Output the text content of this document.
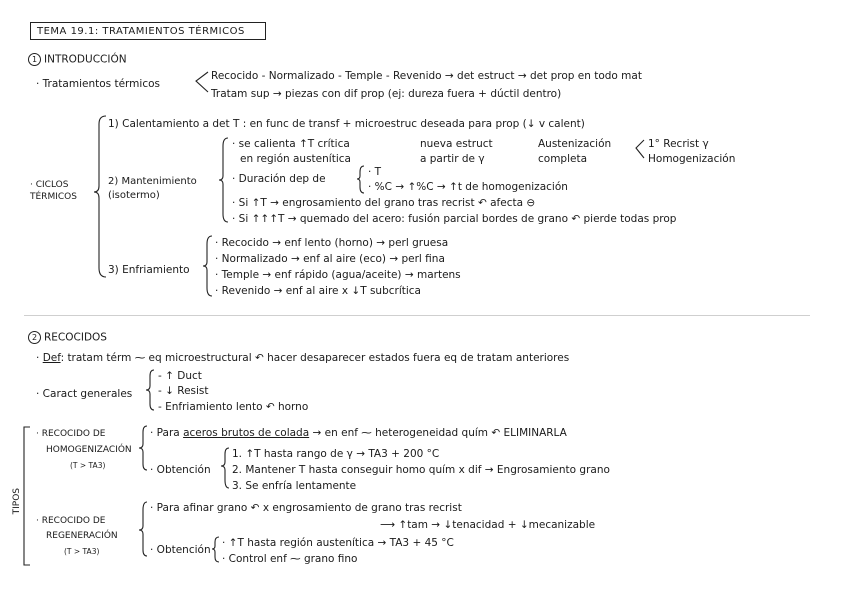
TEMA 19.1: TRATAMIENTOS TÉRMICOS
1 INTRODUCCIÓN
· Tratamientos térmicos
Recocido - Normalizado - Temple - Revenido → det estruct → det prop en todo mat
Tratam sup → piezas con dif prop (ej: dureza fuera + dúctil dentro)
· CICLOS
TÉRMICOS
1) Calentamiento a det T : en func de transf + microestruc deseada para prop (↓ v calent)
2) Mantenimiento (isotermo)
· se calienta ↑T crítica
en región austenítica
nueva estruct
a partir de γ
Austenización
completa
1° Recrist γ
Homogenización
· Duración dep de
· T
· %C → ↑%C → ↑t de homogenización
· Si ↑T → engrosamiento del grano tras recrist ↶ afecta ⊖
· Si ↑↑↑T → quemado del acero: fusión parcial bordes de grano ↶ pierde todas prop
3) Enfriamiento
· Recocido → enf lento (horno) → perl gruesa
· Normalizado → enf al aire (eco) → perl fina
· Temple → enf rápido (agua/aceite) → martens
· Revenido → enf al aire x ↓T subcrítica
2 RECOCIDOS
· Def: tratam térm ⁓ eq microestructural ↶ hacer desaparecer estados fuera eq de tratam anteriores
· Caract generales
- ↑ Duct
- ↓ Resist
- Enfriamiento lento ↶ horno
TIPOS
· RECOCIDO DE
HOMOGENIZACIÓN
(T > TA3)
· Para aceros brutos de colada → en enf ⁓ heterogeneidad quím ↶ ELIMINARLA
· Obtención
1. ↑T hasta rango de γ → TA3 + 200 °C
2. Mantener T hasta conseguir homo quím x dif → Engrosamiento grano
3. Se enfría lentamente
· RECOCIDO DE
REGENERACIÓN
(T > TA3)
· Para afinar grano ↶ x engrosamiento de grano tras recrist
⟶ ↑tam → ↓tenacidad + ↓mecanizable
· Obtención
· ↑T hasta región austenítica → TA3 + 45 °C
· Control enf ⁓ grano fino
